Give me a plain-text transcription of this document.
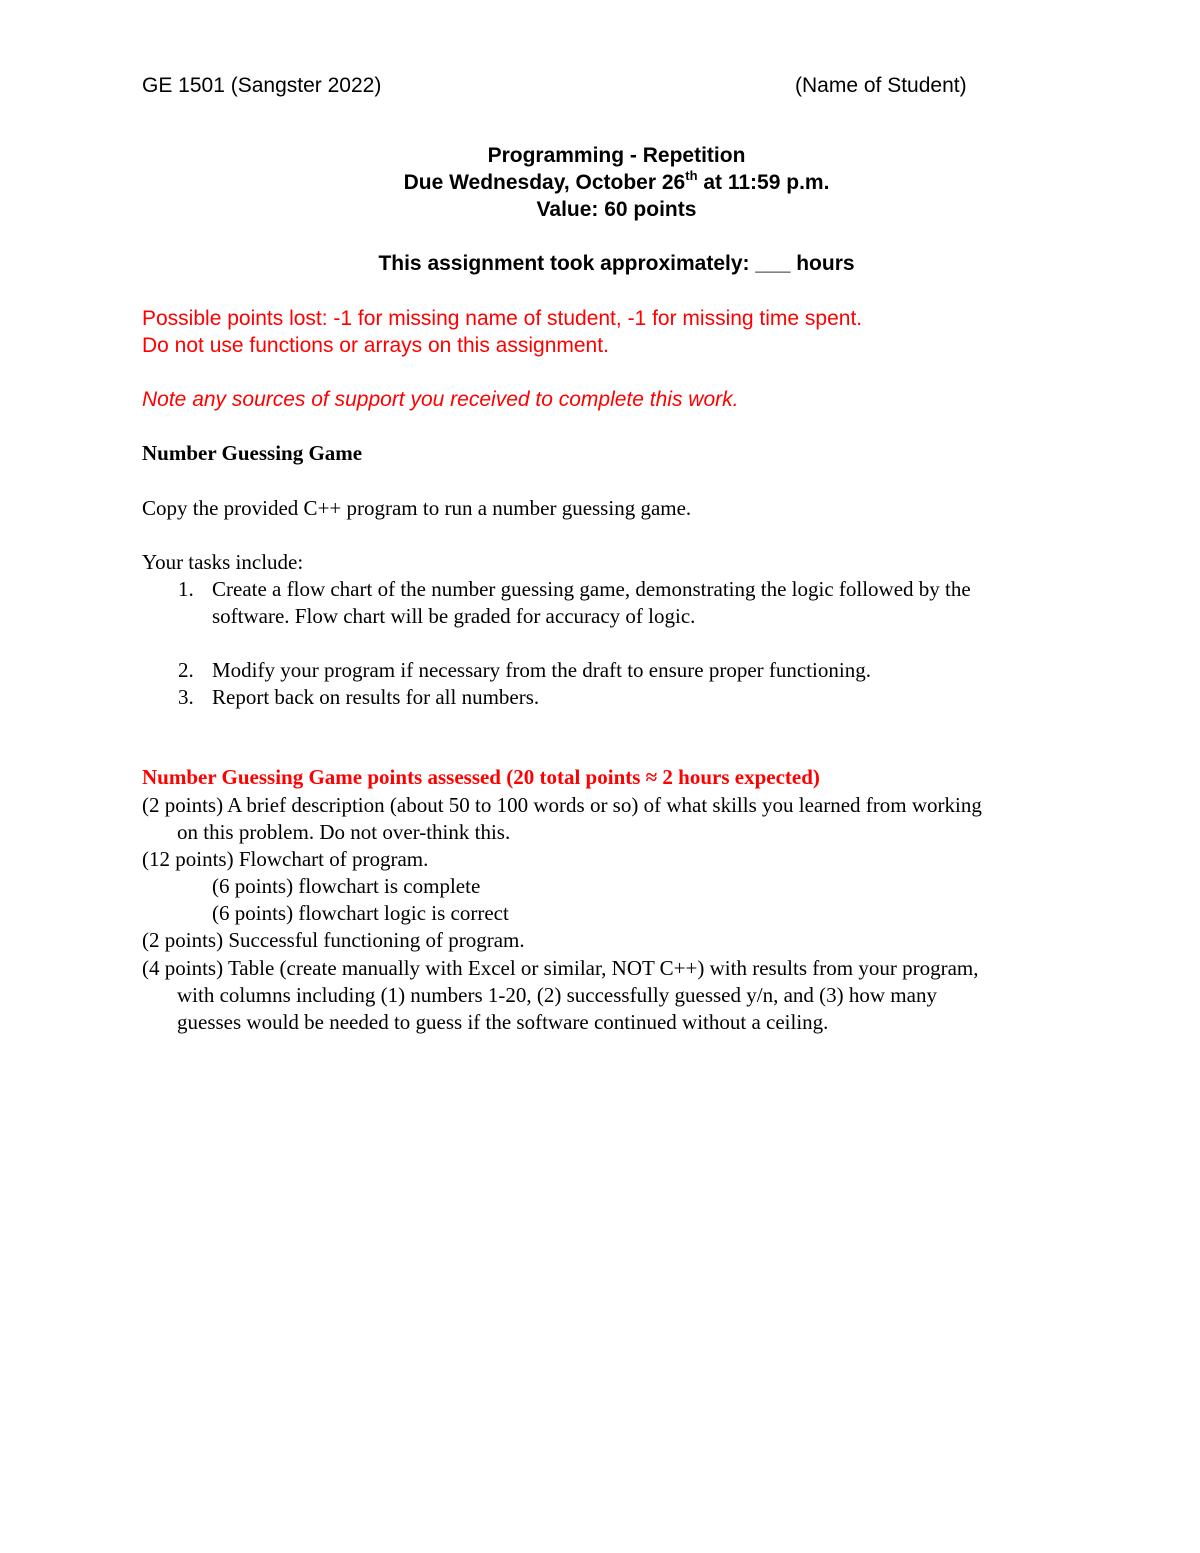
GE 1501 (Sangster 2022)	(Name of Student)
Programming - Repetition
Due Wednesday, October 26th at 11:59 p.m.
Value: 60 points
This assignment took approximately: ___ hours
Possible points lost: -1 for missing name of student, -1 for missing time spent.
Do not use functions or arrays on this assignment.
Note any sources of support you received to complete this work.
Number Guessing Game
Copy the provided C++ program to run a number guessing game.
Your tasks include:
1. Create a flow chart of the number guessing game, demonstrating the logic followed by the
software. Flow chart will be graded for accuracy of logic.
2. Modify your program if necessary from the draft to ensure proper functioning.
3. Report back on results for all numbers.
Number Guessing Game points assessed (20 total points ≈ 2 hours expected)
(2 points) A brief description (about 50 to 100 words or so) of what skills you learned from working
on this problem. Do not over-think this.
(12 points) Flowchart of program.
(6 points) flowchart is complete
(6 points) flowchart logic is correct
(2 points) Successful functioning of program.
(4 points) Table (create manually with Excel or similar, NOT C++) with results from your program,
with columns including (1) numbers 1-20, (2) successfully guessed y/n, and (3) how many
guesses would be needed to guess if the software continued without a ceiling.
